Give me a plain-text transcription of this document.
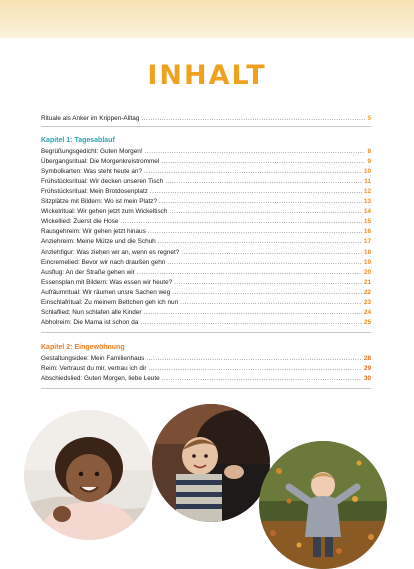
INHALT
Rituale als Anker im Krippen-Alltag .....	5
Kapitel 1: Tagesablauf
Begrüßungsgedicht: Guten Morgen! .....	8
Übergangsritual: Die Morgenkreistrommel .....	9
Symbolkarten: Was steht heute an? .....	10
Frühstücksritual: Wir decken unseren Tisch .....	11
Frühstücksritual: Mein Brotdosenplatz .....	12
Sitzplätze mit Bildern: Wo ist mein Platz? .....	13
Wickelritual: Wir gehen jetzt zum Wickeltisch .....	14
Wickellied: Zuerst die Hose .....	15
Rausgehreim: Wir gehen jetzt hinaus .....	16
Anziehreim: Meine Mütze und die Schuh .....	17
Anziehfigur: Was ziehen wir an, wenn es regnet? .....	18
Eincremelied: Bevor wir nach draußen gehn .....	19
Ausflug: An der Straße gehen wir .....	20
Essensplan mit Bildern: Was essen wir heute? .....	21
Aufräumritual: Wir räumen unsre Sachen weg .....	22
Einschlafritual: Zu meinem Bettchen geh ich nun .....	23
Schlaflied: Nun schlafen alle Kinder .....	24
Abholreim: Die Mama ist schon da .....	25
Kapitel 2: Eingewöhnung
Gestaltungsidee: Mein Familienhaus .....	28
Reim: Vertraust du mir, vertrau ich dir .....	29
Abschiedslied: Guten Morgen, liebe Leute .....	30
